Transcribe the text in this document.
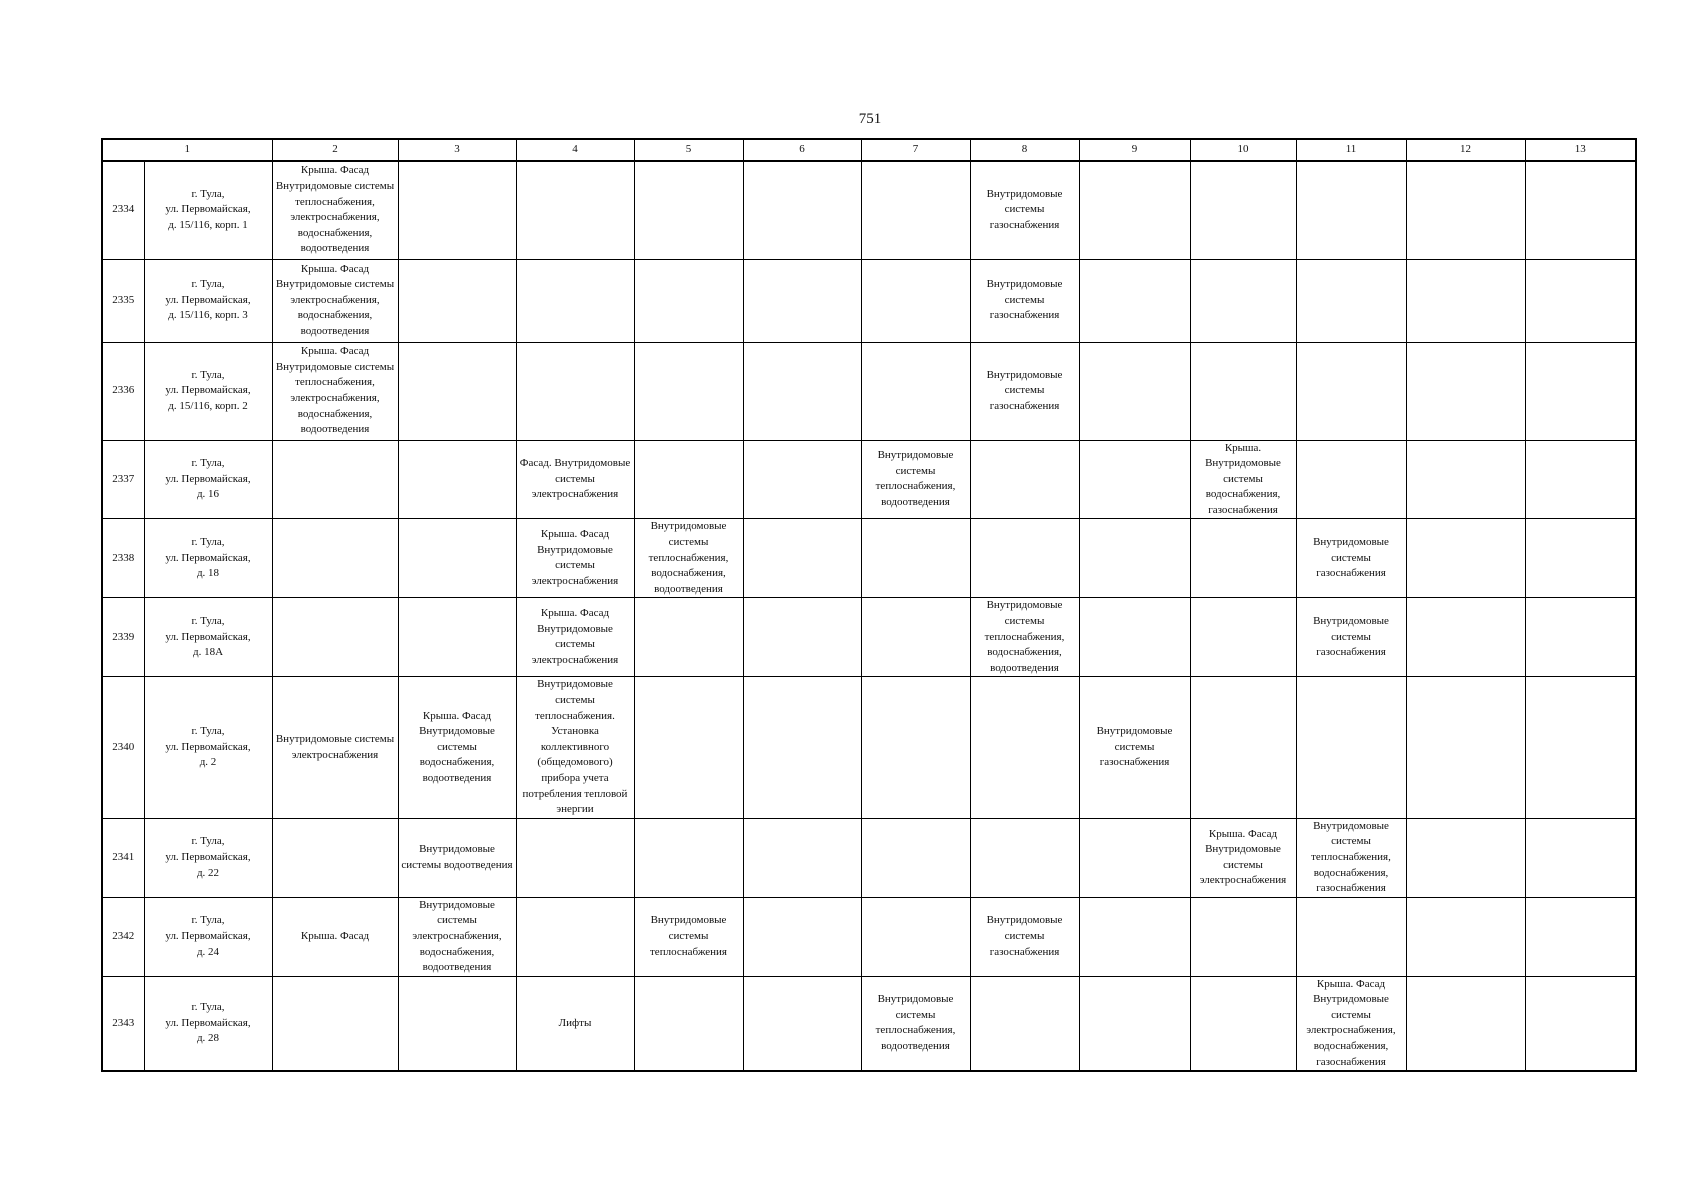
751
1		2	3	4	5	6	7	8	9	10	11	12	13
2334	г. Тула,
ул. Первомайская,
д. 15/116, корп. 1	Крыша. Фасад Внутридомовые системы теплоснабжения, электроснабжения, водоснабжения, водоотведения						Внутридомовые системы газоснабжения					
2335	г. Тула,
ул. Первомайская,
д. 15/116, корп. 3	Крыша. Фасад Внутридомовые системы электроснабжения, водоснабжения, водоотведения						Внутридомовые системы газоснабжения					
2336	г. Тула,
ул. Первомайская,
д. 15/116, корп. 2	Крыша. Фасад Внутридомовые системы теплоснабжения, электроснабжения, водоснабжения, водоотведения						Внутридомовые системы газоснабжения					
2337	г. Тула,
ул. Первомайская,
д. 16			Фасад. Внутридомовые системы электроснабжения			Внутридомовые системы теплоснабжения, водоотведения			Крыша. Внутридомовые системы водоснабжения, газоснабжения			
2338	г. Тула,
ул. Первомайская,
д. 18			Крыша. Фасад Внутридомовые системы электроснабжения	Внутридомовые системы теплоснабжения, водоснабжения, водоотведения						Внутридомовые системы газоснабжения		
2339	г. Тула,
ул. Первомайская,
д. 18А			Крыша. Фасад Внутридомовые системы электроснабжения				Внутридомовые системы теплоснабжения, водоснабжения, водоотведения			Внутридомовые системы газоснабжения		
2340	г. Тула,
ул. Первомайская,
д. 2	Внутридомовые системы электроснабжения	Крыша. Фасад Внутридомовые системы водоснабжения, водоотведения	Внутридомовые системы теплоснабжения. Установка коллективного (общедомового) прибора учета потребления тепловой энергии					Внутридомовые системы газоснабжения				
2341	г. Тула,
ул. Первомайская,
д. 22		Внутридомовые системы водоотведения							Крыша. Фасад Внутридомовые системы электроснабжения	Внутридомовые системы теплоснабжения, водоснабжения, газоснабжения		
2342	г. Тула,
ул. Первомайская,
д. 24	Крыша. Фасад	Внутридомовые системы электроснабжения, водоснабжения, водоотведения		Внутридомовые системы теплоснабжения			Внутридомовые системы газоснабжения					
2343	г. Тула,
ул. Первомайская,
д. 28			Лифты			Внутридомовые системы теплоснабжения, водоотведения				Крыша. Фасад Внутридомовые системы электроснабжения, водоснабжения, газоснабжения		
